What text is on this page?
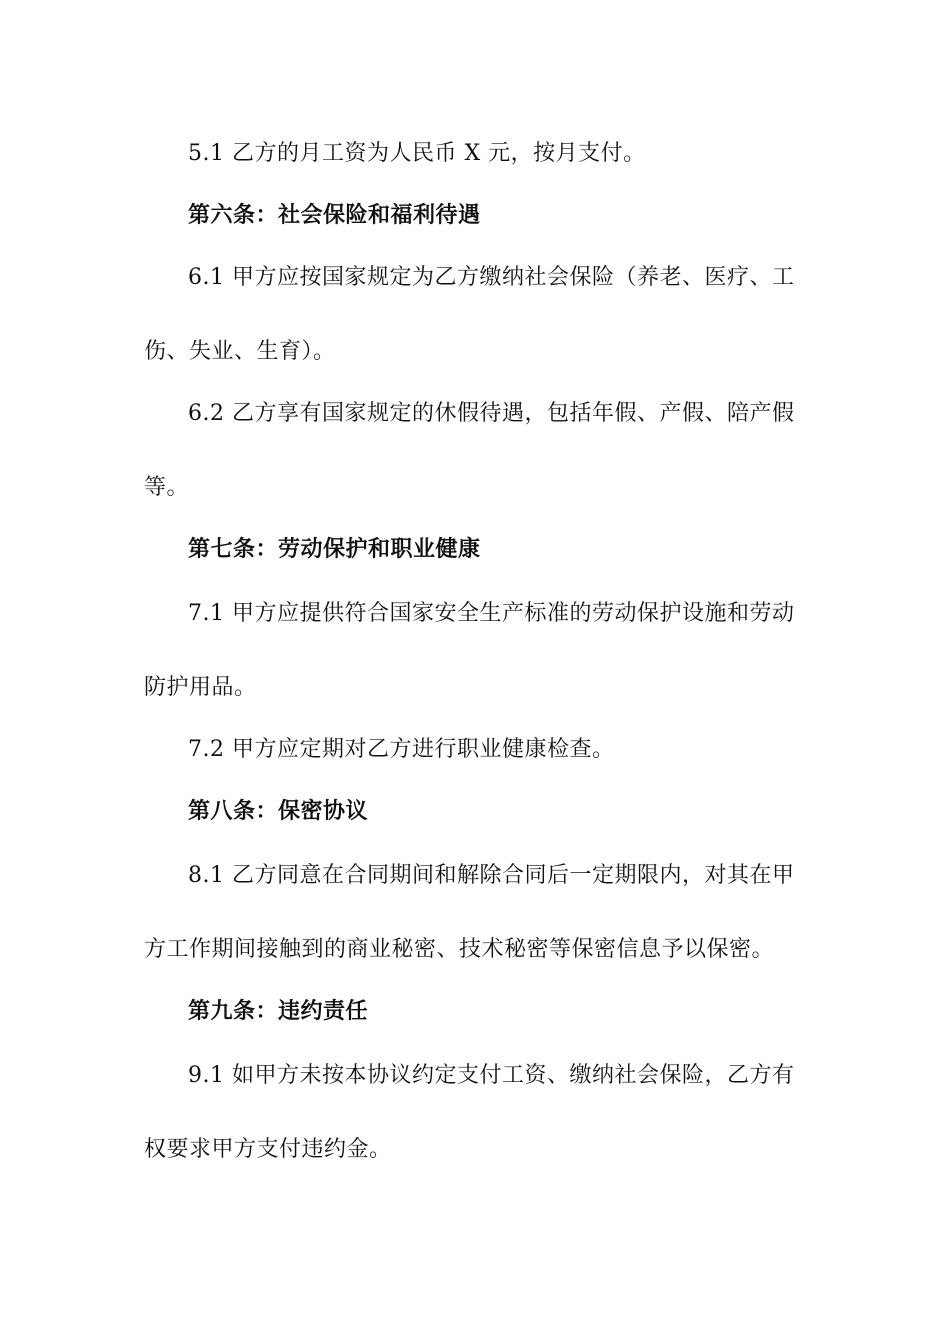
5.1 乙方的月工资为人民币 X 元，按月支付。
第六条：社会保险和福利待遇
6.1 甲方应按国家规定为乙方缴纳社会保险（养老、医疗、工
伤、失业、生育）。
6.2 乙方享有国家规定的休假待遇，包括年假、产假、陪产假
等。
第七条：劳动保护和职业健康
7.1 甲方应提供符合国家安全生产标准的劳动保护设施和劳动
防护用品。
7.2 甲方应定期对乙方进行职业健康检查。
第八条：保密协议
8.1 乙方同意在合同期间和解除合同后一定期限内，对其在甲
方工作期间接触到的商业秘密、技术秘密等保密信息予以保密。
第九条：违约责任
9.1 如甲方未按本协议约定支付工资、缴纳社会保险，乙方有
权要求甲方支付违约金。
